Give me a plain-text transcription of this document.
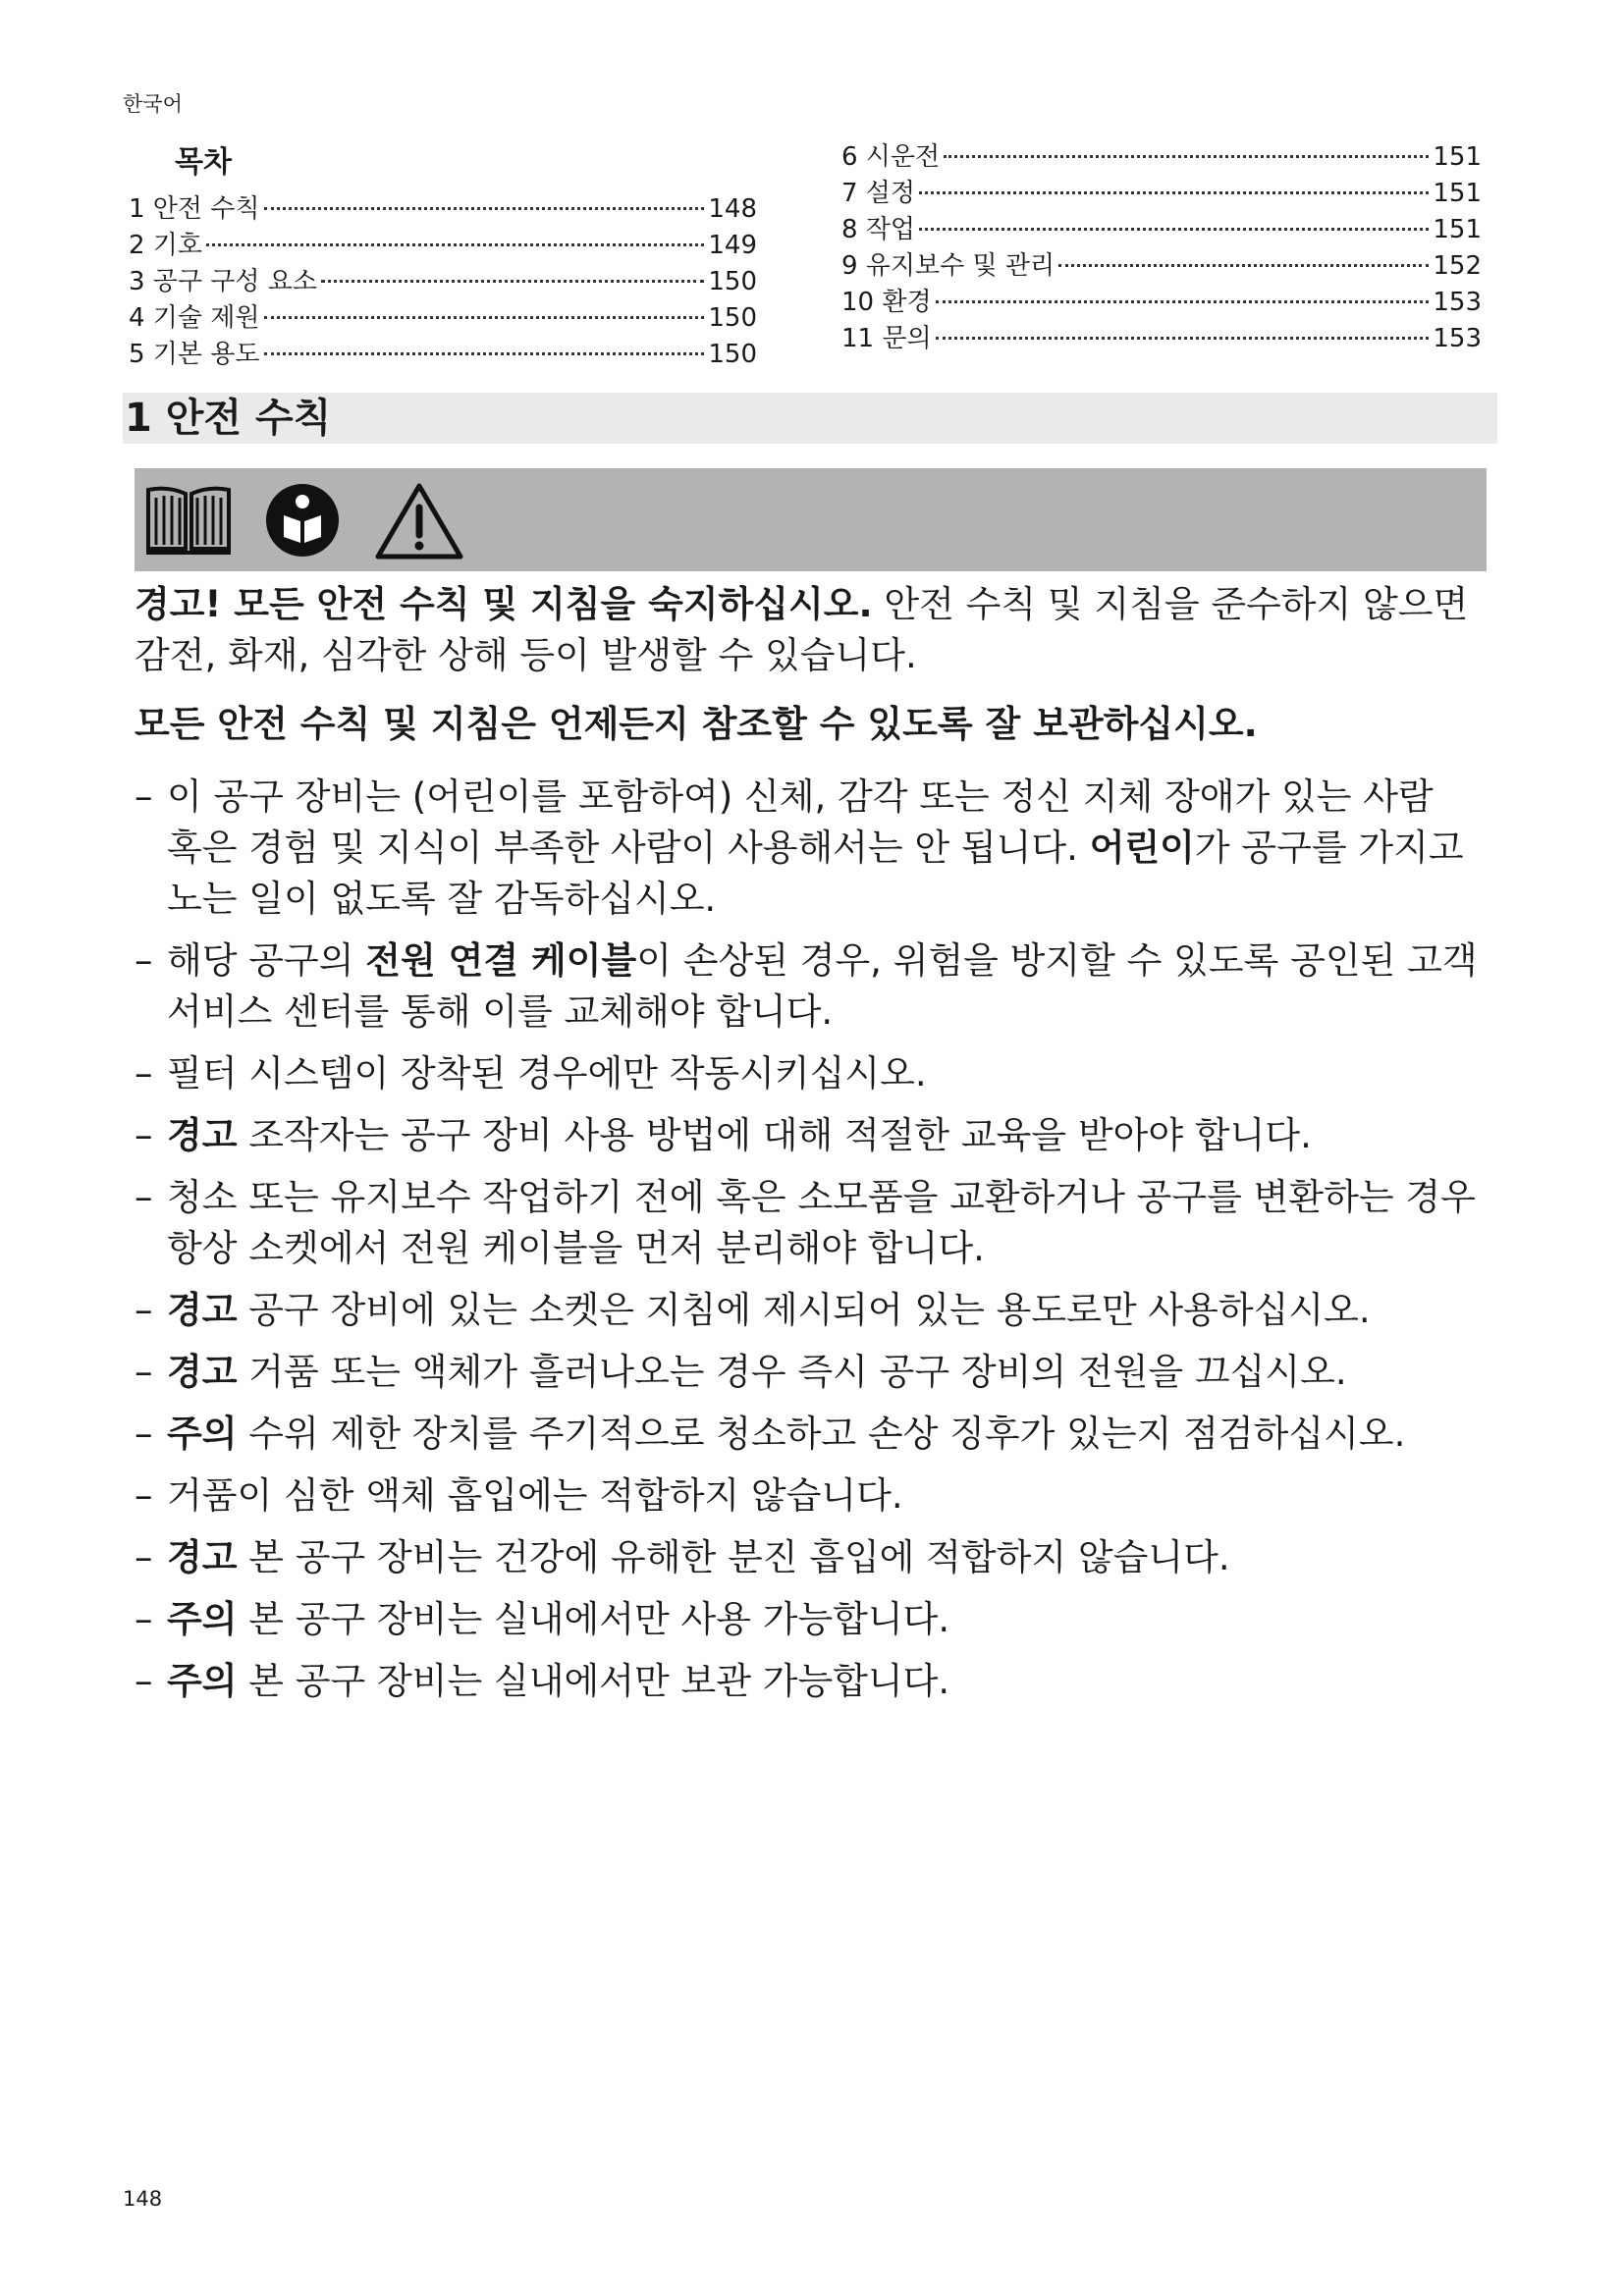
한국어
목차
1 안전 수칙	148
2 기호	149
3 공구 구성 요소	150
4 기술 제원	150
5 기본 용도	150
6 시운전	151
7 설정	151
8 작업	151
9 유지보수 및 관리	152
10 환경	153
11 문의	153
1 안전 수칙

경고! 모든 안전 수칙 및 지침을 숙지하십시오. 안전 수칙 및 지침을 준수하지 않으면 감전, 화재, 심각한 상해 등이 발생할 수 있습니다.

모든 안전 수칙 및 지침은 언제든지 참조할 수 있도록 잘 보관하십시오.

– 이 공구 장비는 (어린이를 포함하여) 신체, 감각 또는 정신 지체 장애가 있는 사람 혹은 경험 및 지식이 부족한 사람이 사용해서는 안 됩니다. 어린이가 공구를 가지고 노는 일이 없도록 잘 감독하십시오.
– 해당 공구의 전원 연결 케이블이 손상된 경우, 위험을 방지할 수 있도록 공인된 고객 서비스 센터를 통해 이를 교체해야 합니다.
– 필터 시스템이 장착된 경우에만 작동시키십시오.
– 경고 조작자는 공구 장비 사용 방법에 대해 적절한 교육을 받아야 합니다.
– 청소 또는 유지보수 작업하기 전에 혹은 소모품을 교환하거나 공구를 변환하는 경우 항상 소켓에서 전원 케이블을 먼저 분리해야 합니다.
– 경고 공구 장비에 있는 소켓은 지침에 제시되어 있는 용도로만 사용하십시오.
– 경고 거품 또는 액체가 흘러나오는 경우 즉시 공구 장비의 전원을 끄십시오.
– 주의 수위 제한 장치를 주기적으로 청소하고 손상 징후가 있는지 점검하십시오.
– 거품이 심한 액체 흡입에는 적합하지 않습니다.
– 경고 본 공구 장비는 건강에 유해한 분진 흡입에 적합하지 않습니다.
– 주의 본 공구 장비는 실내에서만 사용 가능합니다.
– 주의 본 공구 장비는 실내에서만 보관 가능합니다.
148
